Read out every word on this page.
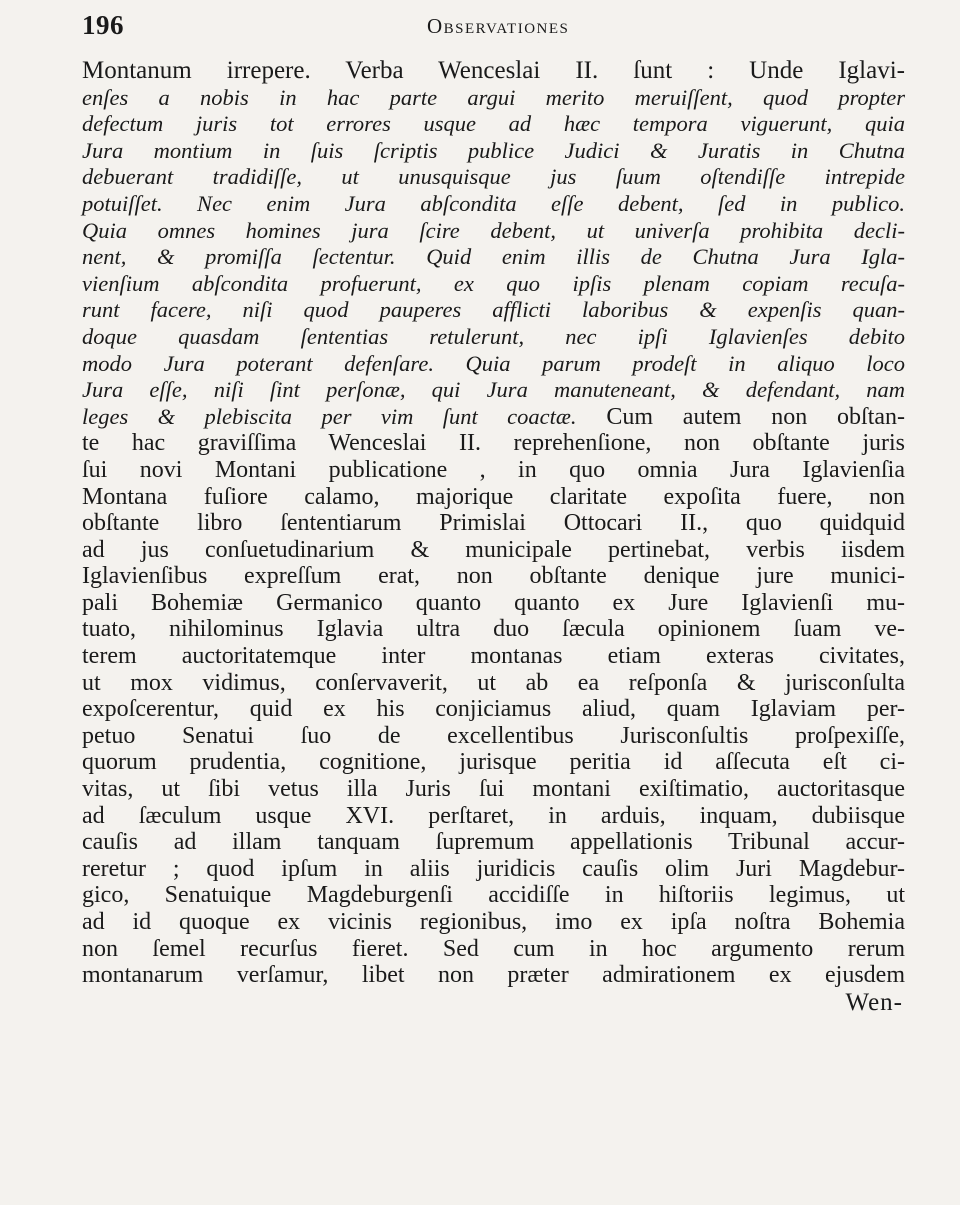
196	Observationes
Montanum irrepere. Verba Wenceslai II. ſunt : Unde Iglavi-
enſes a nobis in hac parte argui merito meruiſſent, quod propter
defectum juris tot errores usque ad hæc tempora viguerunt, quia
Jura montium in ſuis ſcriptis publice Judici & Juratis in Chutna
debuerant tradidiſſe, ut unusquisque jus ſuum oſtendiſſe intrepide
potuiſſet. Nec enim Jura abſcondita eſſe debent, ſed in publico.
Quia omnes homines jura ſcire debent, ut univerſa prohibita decli-
nent, & promiſſa ſectentur. Quid enim illis de Chutna Jura Igla-
vienſium abſcondita profuerunt, ex quo ipſis plenam copiam recuſa-
runt facere, niſi quod pauperes afflicti laboribus & expenſis quan-
doque quasdam ſententias retulerunt, nec ipſi Iglavienſes debito
modo Jura poterant defenſare. Quia parum prodeſt in aliquo loco
Jura eſſe, niſi ſint perſonæ, qui Jura manuteneant, & defendant, nam
leges & plebiscita per vim ſunt coactæ. Cum autem non obſtan-
te hac graviſſima Wenceslai II. reprehenſione, non obſtante juris
ſui novi Montani publicatione , in quo omnia Jura Iglavienſia
Montana fuſiore calamo, majorique claritate expoſita fuere, non
obſtante libro ſententiarum Primislai Ottocari II., quo quidquid
ad jus conſuetudinarium & municipale pertinebat, verbis iisdem
Iglavienſibus expreſſum erat, non obſtante denique jure munici-
pali Bohemiæ Germanico quanto quanto ex Jure Iglavienſi mu-
tuato, nihilominus Iglavia ultra duo ſæcula opinionem ſuam ve-
terem auctoritatemque inter montanas etiam exteras civitates,
ut mox vidimus, conſervaverit, ut ab ea reſponſa & jurisconſulta
expoſcerentur, quid ex his conjiciamus aliud, quam Iglaviam per-
petuo Senatui ſuo de excellentibus Jurisconſultis proſpexiſſe,
quorum prudentia, cognitione, jurisque peritia id aſſecuta eſt ci-
vitas, ut ſibi vetus illa Juris ſui montani exiſtimatio, auctoritasque
ad ſæculum usque XVI. perſtaret, in arduis, inquam, dubiisque
cauſis ad illam tanquam ſupremum appellationis Tribunal accur-
reretur ; quod ipſum in aliis juridicis cauſis olim Juri Magdebur-
gico, Senatuique Magdeburgenſi accidiſſe in hiſtoriis legimus, ut
ad id quoque ex vicinis regionibus, imo ex ipſa noſtra Bohemia
non ſemel recurſus fieret. Sed cum in hoc argumento rerum
montanarum verſamur, libet non præter admirationem ex ejusdem
Wen-
